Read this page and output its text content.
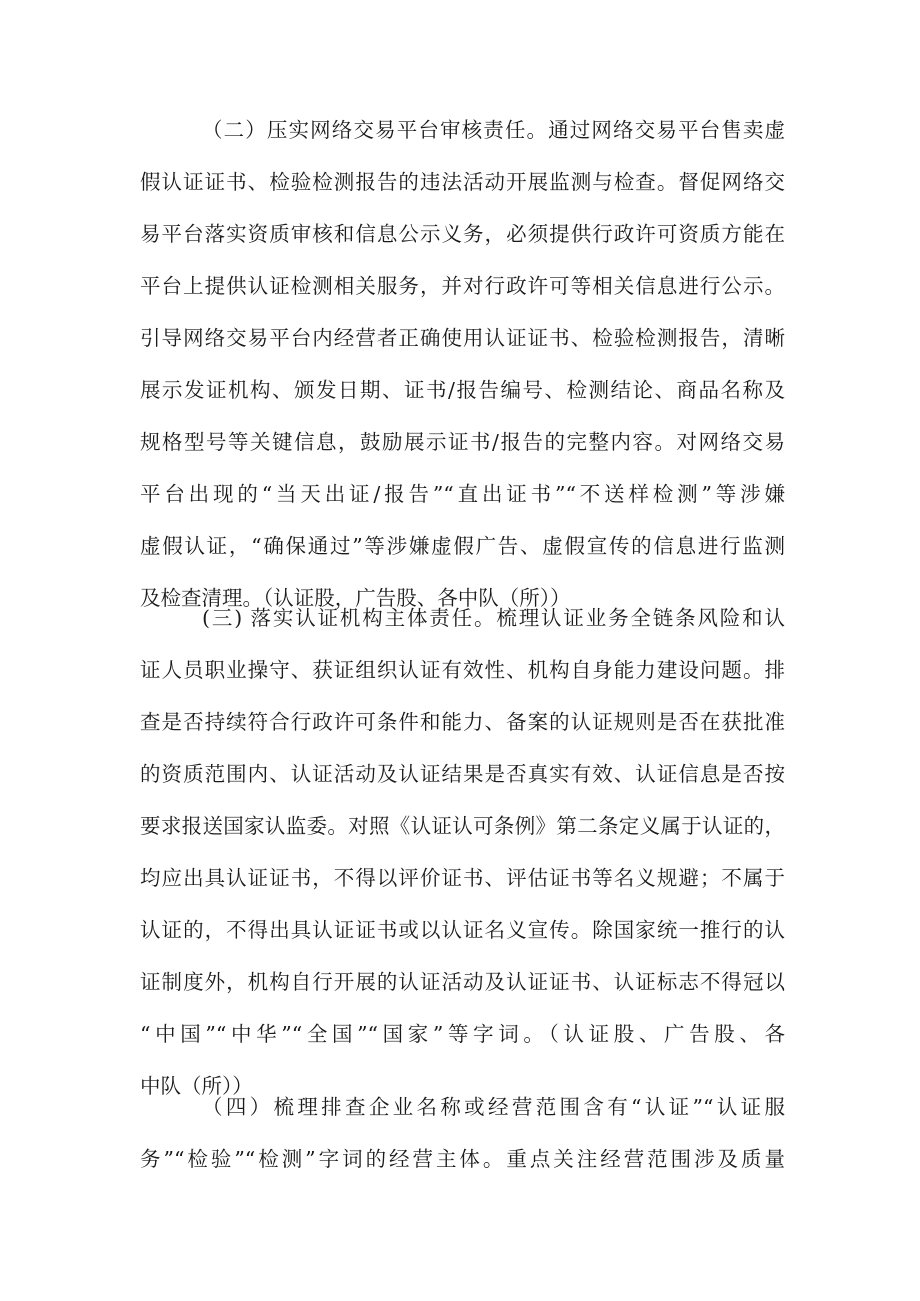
（二）压实网络交易平台审核责任。通过网络交易平台售卖虚
假认证证书、检验检测报告的违法活动开展监测与检查。督促网络交
易平台落实资质审核和信息公示义务，必须提供行政许可资质方能在
平台上提供认证检测相关服务，并对行政许可等相关信息进行公示。
引导网络交易平台内经营者正确使用认证证书、检验检测报告，清晰
展示发证机构、颁发日期、证书/报告编号、检测结论、商品名称及
规格型号等关键信息，鼓励展示证书/报告的完整内容。对网络交易
平台出现的“当天出证/报告”“直出证书”“不送样检测”等涉嫌
虚假认证，“确保通过”等涉嫌虚假广告、虚假宣传的信息进行监测
及检查清理。（认证股，广告股、各中队（所））
(三) 落实认证机构主体责任。梳理认证业务全链条风险和认
证人员职业操守、获证组织认证有效性、机构自身能力建设问题。排
查是否持续符合行政许可条件和能力、备案的认证规则是否在获批准
的资质范围内、认证活动及认证结果是否真实有效、认证信息是否按
要求报送国家认监委。对照《认证认可条例》第二条定义属于认证的，
均应出具认证证书，不得以评价证书、评估证书等名义规避；不属于
认证的，不得出具认证证书或以认证名义宣传。除国家统一推行的认
证制度外，机构自行开展的认证活动及认证证书、认证标志不得冠以
“中国”“中华”“全国”“国家”等字词。（认证股、广告股、各
中队（所））
（四）梳理排查企业名称或经营范围含有“认证”“认证服
务”“检验”“检测”字词的经营主体。重点关注经营范围涉及质量
